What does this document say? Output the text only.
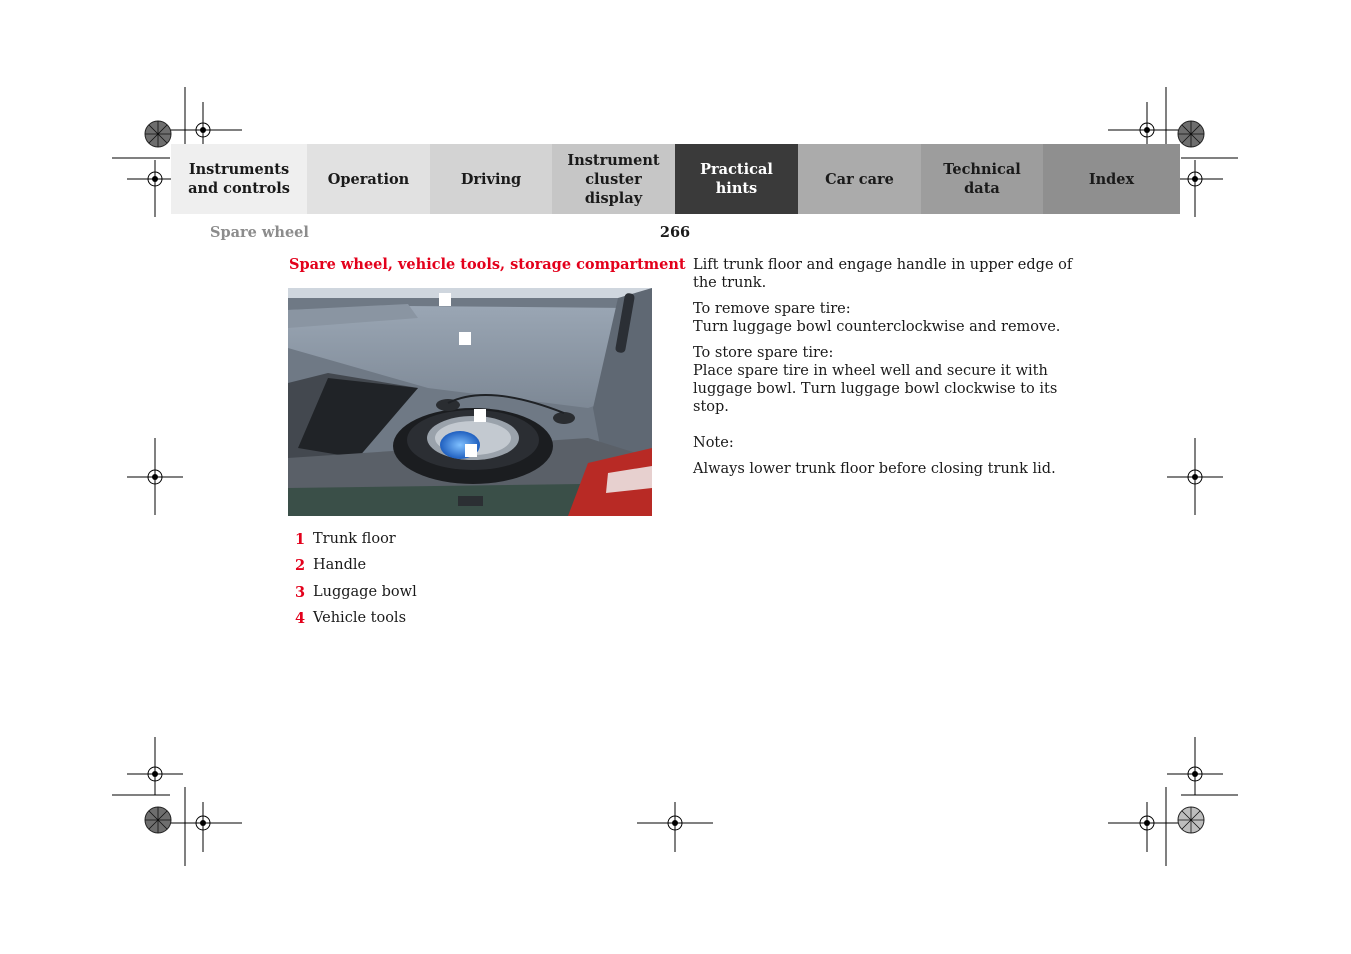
Instruments
and controls
Operation	Driving
Instrument
cluster display
Practical hints
Car care
Technical
data
Index
Spare wheel	266
Spare wheel, vehicle tools, storage compartment
1 Trunk floor
2 Handle
3 Luggage bowl
4 Vehicle tools

Lift trunk floor and engage handle in upper edge of the trunk.

To remove spare tire:
Turn luggage bowl counterclockwise and remove.

To store spare tire:
Place spare tire in wheel well and secure it with luggage bowl. Turn luggage bowl clockwise to its stop.

Note:

Always lower trunk floor before closing trunk lid.
